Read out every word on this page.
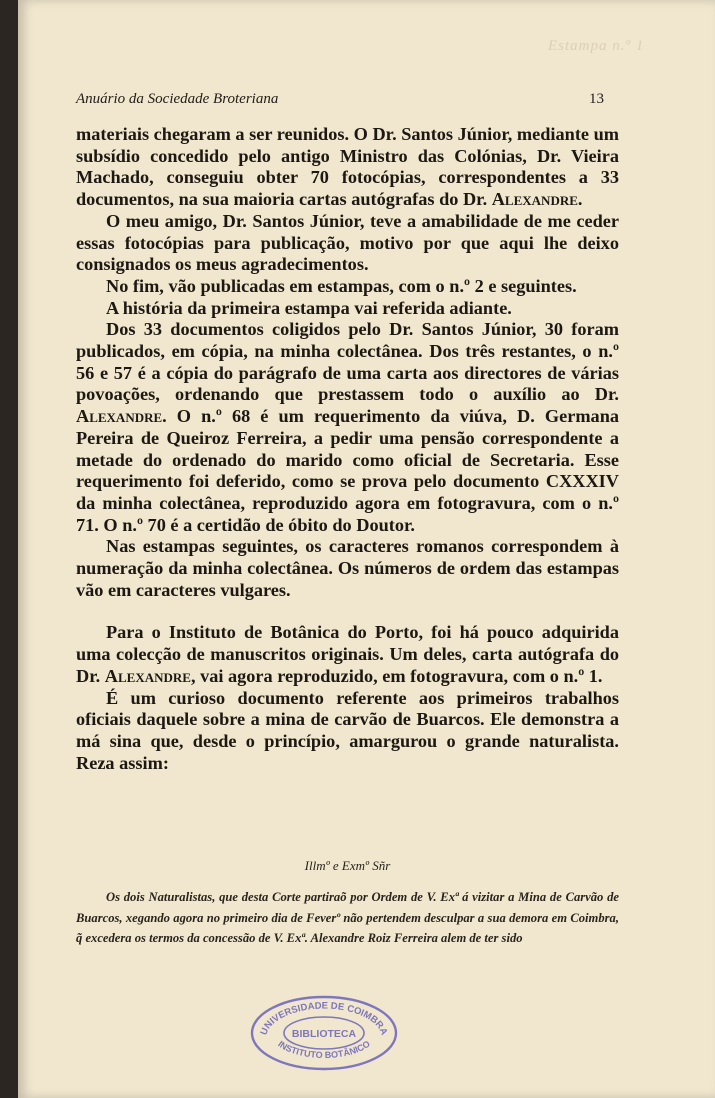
Estampa n.º 1
Anuário da Sociedade Broteriana	13

materiais chegaram a ser reunidos. O Dr. Santos Júnior, mediante um subsídio concedido pelo antigo Ministro das Colónias, Dr. Vieira Machado, conseguiu obter 70 fotocópias, correspondentes a 33 documentos, na sua maioria cartas autógrafas do Dr. Alexandre.

O meu amigo, Dr. Santos Júnior, teve a amabilidade de me ceder essas fotocópias para publicação, motivo por que aqui lhe deixo consignados os meus agradecimentos.

No fim, vão publicadas em estampas, com o n.º 2 e seguintes.

A história da primeira estampa vai referida adiante.

Dos 33 documentos coligidos pelo Dr. Santos Júnior, 30 foram publicados, em cópia, na minha colectânea. Dos três restantes, o n.º 56 e 57 é a cópia do parágrafo de uma carta aos directores de várias povoações, ordenando que prestassem todo o auxílio ao Dr. Alexandre. O n.º 68 é um requerimento da viúva, D. Germana Pereira de Queiroz Ferreira, a pedir uma pensão correspondente a metade do ordenado do marido como oficial de Secretaria. Esse requerimento foi deferido, como se prova pelo documento CXXXIV da minha colectânea, reproduzido agora em fotogravura, com o n.º 71. O n.º 70 é a certidão de óbito do Doutor.

Nas estampas seguintes, os caracteres romanos correspondem à numeração da minha colectânea. Os números de ordem das estampas vão em caracteres vulgares.

Para o Instituto de Botânica do Porto, foi há pouco adquirida uma colecção de manuscritos originais. Um deles, carta autógrafa do Dr. Alexandre, vai agora reproduzido, em fotogravura, com o n.º 1.

É um curioso documento referente aos primeiros trabalhos oficiais daquele sobre a mina de carvão de Buarcos. Ele demonstra a má sina que, desde o princípio, amargurou o grande naturalista. Reza assim:

Illmº e Exmº Sñr

Os dois Naturalistas, que desta Corte partiraõ por Ordem de V. Exª á vizitar a Mina de Carvão de Buarcos, xegando agora no primeiro dia de Feverº não pertendem desculpar a sua demora em Coimbra, q̃ excedera os termos da concessão de V. Exª. Alexandre Roiz Ferreira alem de ter sido

UNIVERSIDADE DE COIMBRA
BIBLIOTECA
INSTITUTO BOTÂNICO
